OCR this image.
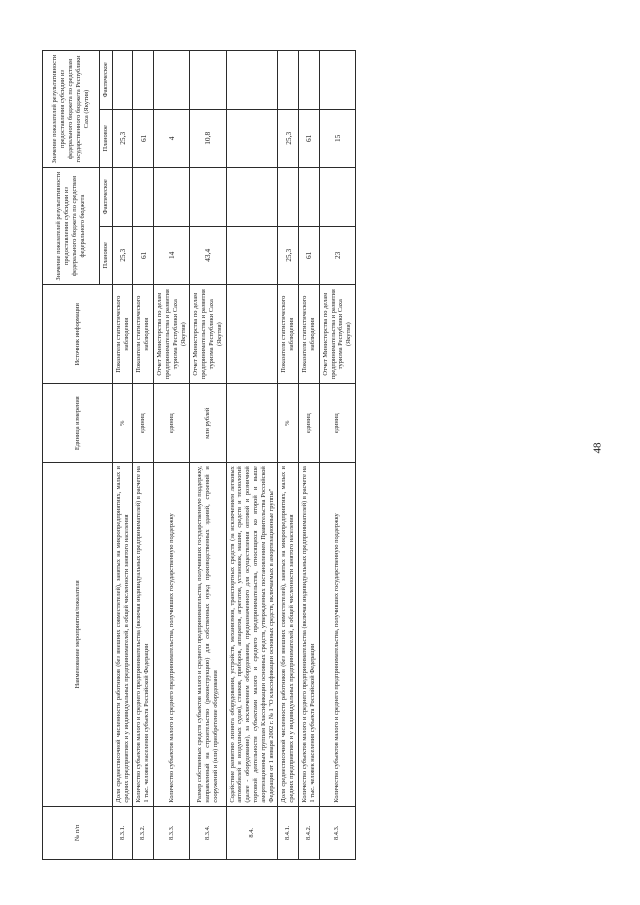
48
№ п/п	Наименование мероприятия/показателя	Единица измерения	Источник информации	Значение показателей результативности предоставления субсидии из федерального бюджета по средствам федерального бюджета		Значение показателей результативности предоставления субсидии из федерального бюджета по средствам государственного бюджета Республики Саха (Якутия)	
				Плановое	Фактическое	Плановое	Фактическое
8.3.1.	Доля среднесписочной численности работников (без внешних совместителей), занятых на микропредприятиях, малых и средних предприятиях и у индивидуальных предпринимателей, в общей численности занятого населения	%	Показатели статистического наблюдения	25,3		25,3	
8.3.2.	Количество субъектов малого и среднего предпринимательства (включая индивидуальных предпринимателей) в расчете на 1 тыс. человек населения субъекта Российской Федерации	единиц	Показатели статистического наблюдения	61		61	
8.3.3.	Количество субъектов малого и среднего предпринимательства, получивших государственную поддержку	единиц	Отчет Министерства по делам предпринимательства и развития туризма Республики Саха (Якутия)	14		4	
8.3.4.	Размер собственных средств субъектов малого и среднего предпринимательства, получивших государственную поддержку, направленный на строительство (реконструкцию) для собственных нужд производственных зданий, строений и сооружений и (или) приобретение оборудования	млн рублей	Отчет Министерства по делам предпринимательства и развития туризма Республики Саха (Якутия)	43,4		10,8	
8.4.	Содействие развитию лизинга оборудования, устройств, механизмов, транспортных средств (за исключением легковых автомобилей и воздушных судов), станков, приборов, аппаратов, агрегатов, установок, машин, средств и технологий (далее - оборудование), за исключением оборудования, предназначенного для осуществления оптовой и розничной торговой деятельности субъектами малого и среднего предпринимательства, относящихся ко второй и выше амортизационным группам Классификации основных средств, утвержденных постановлением Правительства Российской Федерации от 1 января 2002 г. № 1 "О классификации основных средств, включаемых в амортизационные группы"						
8.4.1.	Доля среднесписочной численности работников (без внешних совместителей), занятых на микропредприятиях, малых и средних предприятиях и у индивидуальных предпринимателей, в общей численности занятого населения	%	Показатели статистического наблюдения	25,3		25,3	
8.4.2.	Количество субъектов малого и среднего предпринимательства (включая индивидуальных предпринимателей) в расчете на 1 тыс. человек населения субъекта Российской Федерации	единиц	Показатели статистического наблюдения	61		61	
8.4.3.	Количество субъектов малого и среднего предпринимательства, получивших государственную поддержку	единиц	Отчет Министерства по делам предпринимательства и развития туризма Республики Саха (Якутия)	23		15	
